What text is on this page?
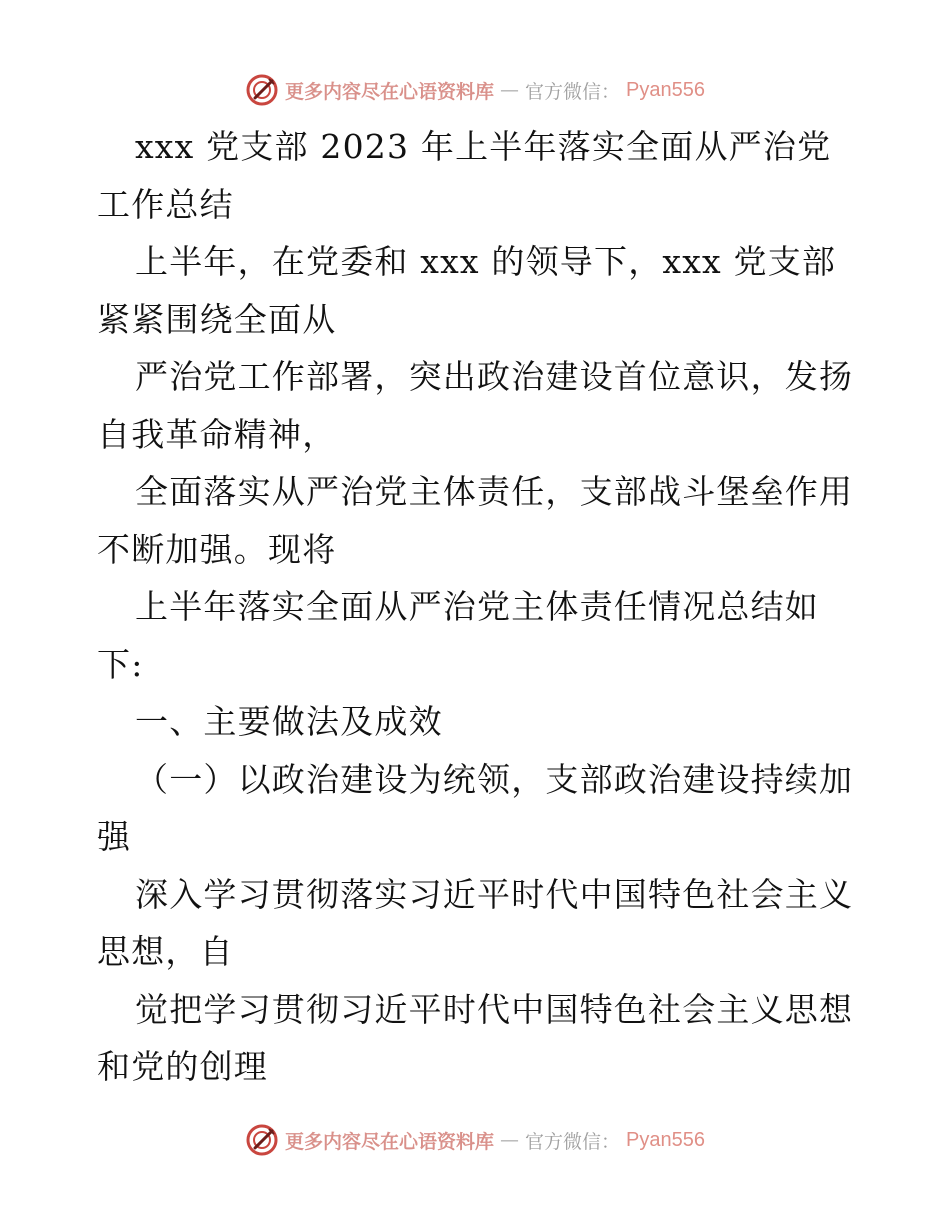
更多内容尽在心语资料库 — 官方微信： Pyan556

xxx 党支部 2023 年上半年落实全面从严治党工作总结

上半年，在党委和 xxx 的领导下，xxx 党支部紧紧围绕全面从

严治党工作部署，突出政治建设首位意识，发扬自我革命精神，

全面落实从严治党主体责任，支部战斗堡垒作用不断加强。现将

上半年落实全面从严治党主体责任情况总结如下:

一、主要做法及成效

（一）以政治建设为统领，支部政治建设持续加强

深入学习贯彻落实习近平时代中国特色社会主义思想，自

觉把学习贯彻习近平时代中国特色社会主义思想和党的创理

更多内容尽在心语资料库 — 官方微信： Pyan556
